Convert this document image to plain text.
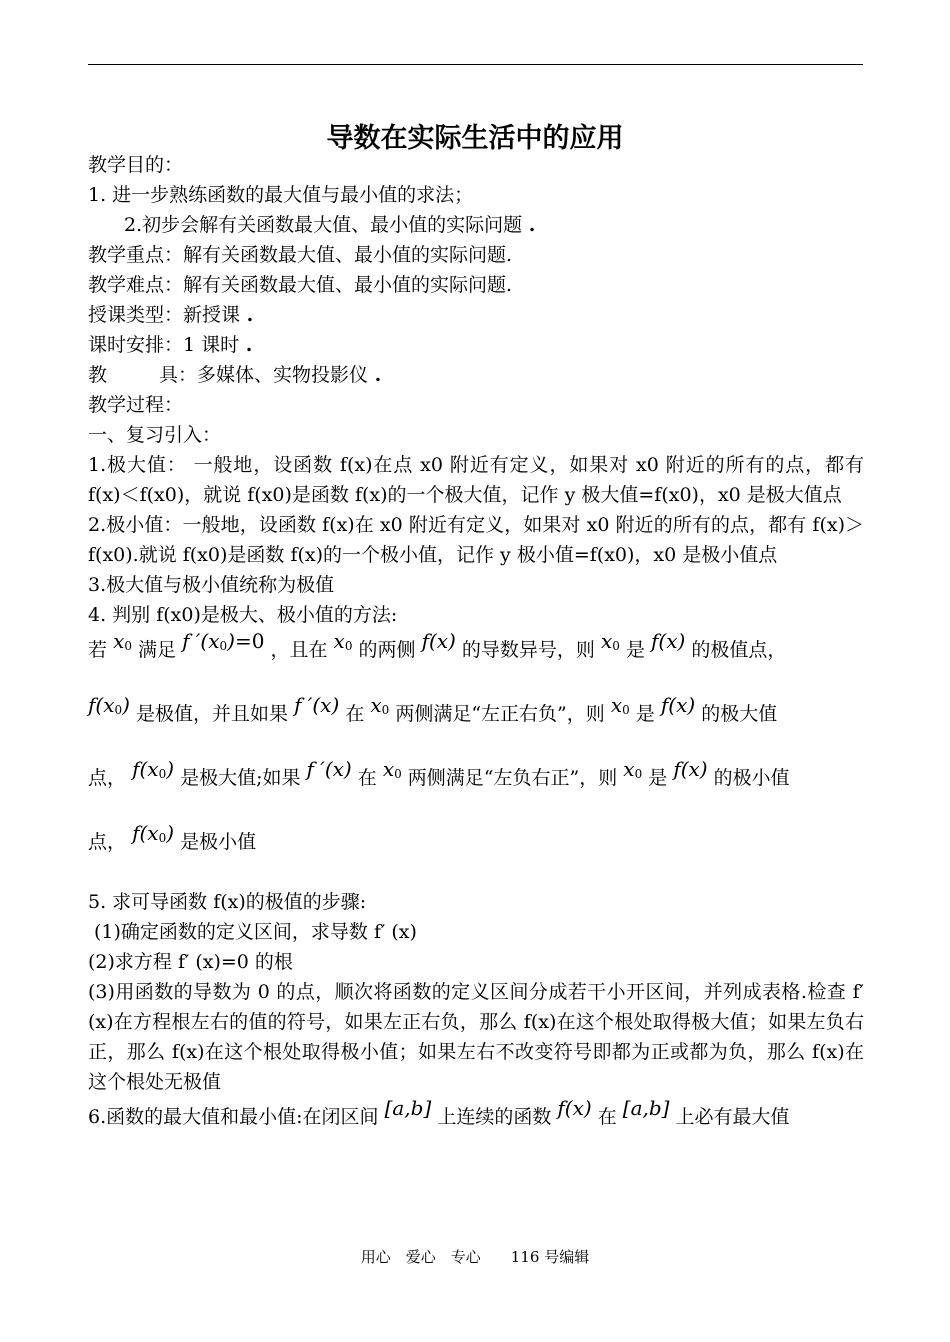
导数在实际生活中的应用
教学目的：
1. 进一步熟练函数的最大值与最小值的求法；
2.初步会解有关函数最大值、最小值的实际问题 .
教学重点：解有关函数最大值、最小值的实际问题.
教学难点：解有关函数最大值、最小值的实际问题.
授课类型：新授课 .
课时安排：1 课时 .
教	具：多媒体、实物投影仪 .
教学过程：
一、复习引入：
1.极大值： 一般地，设函数 f(x)在点 x0 附近有定义，如果对 x0 附近的所有的点，都有 f(x)＜f(x0)，就说 f(x0)是函数 f(x)的一个极大值，记作 y 极大值=f(x0)，x0 是极大值点
2.极小值：一般地，设函数 f(x)在 x0 附近有定义，如果对 x0 附近的所有的点，都有 f(x)＞f(x0).就说 f(x0)是函数 f(x)的一个极小值，记作 y 极小值=f(x0)，x0 是极小值点
3.极大值与极小值统称为极值
4. 判别 f(x0)是极大、极小值的方法:
若 x0 满足 f ′(x0)=0 ，且在 x0 的两侧 f(x) 的导数异号，则 x0 是 f(x) 的极值点，
f(x0) 是极值，并且如果 f ′(x) 在 x0 两侧满足“左正右负”，则 x0 是 f(x) 的极大值
点， f(x0) 是极大值;如果 f ′(x) 在 x0 两侧满足“左负右正”，则 x0 是 f(x) 的极小值
点， f(x0) 是极小值
5. 求可导函数 f(x)的极值的步骤:
(1)确定函数的定义区间，求导数 f′ (x)
(2)求方程 f′ (x)=0 的根
(3)用函数的导数为 0 的点，顺次将函数的定义区间分成若干小开区间，并列成表格.检查 f′ (x)在方程根左右的值的符号，如果左正右负，那么 f(x)在这个根处取得极大值；如果左负右正，那么 f(x)在这个根处取得极小值；如果左右不改变符号即都为正或都为负，那么 f(x)在这个根处无极值
6.函数的最大值和最小值:在闭区间 [a,b] 上连续的函数 f(x) 在 [a,b] 上必有最大值
用心　爱心　专心　　116 号编辑
